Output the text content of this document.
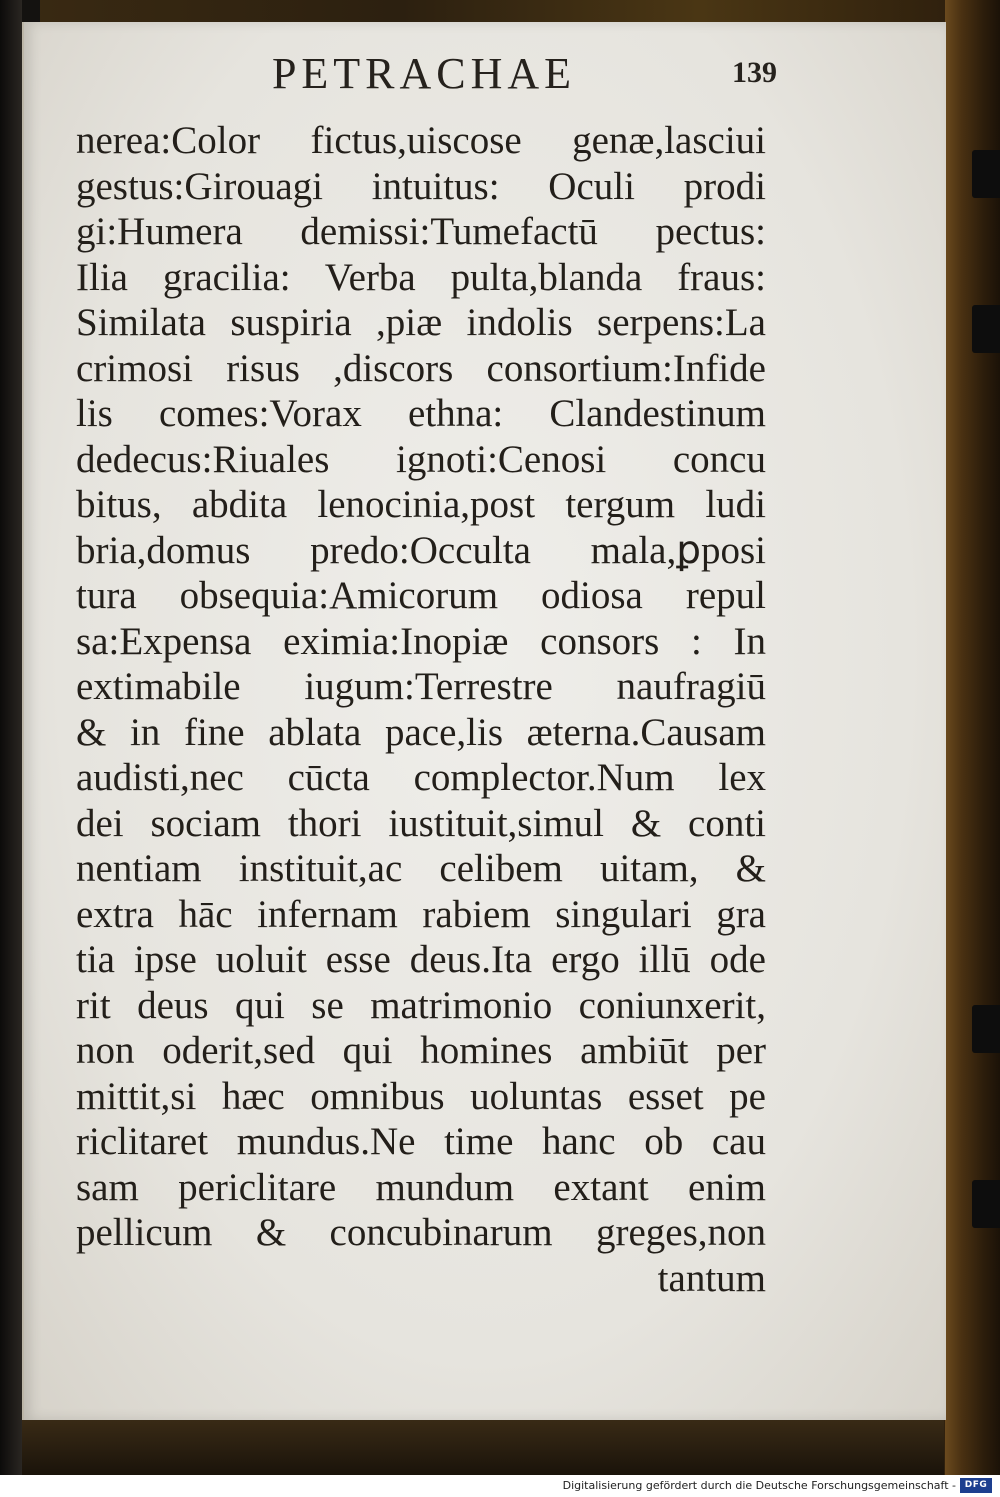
PETRACHAE	139
nerea:Color fictus,uiscose genæ,lasciui
gestus:Girouagi intuitus: Oculi prodi
gi:Humera demissi:Tumefactū pectus:
Ilia gracilia: Verba pulta,blanda fraus:
Similata suspiria ,piæ indolis serpens:La
crimosi risus ,discors consortium:Infide
lis comes:Vorax ethna: Clandestinum
dedecus:Riuales ignoti:Cenosi concu
bitus, abdita lenocinia,post tergum ludi
bria,domus predo:Occulta mala,ꝑposi
tura obsequia:Amicorum odiosa repul
sa:Expensa eximia:Inopiæ consors : In
extimabile iugum:Terrestre naufragiū
& in fine ablata pace,lis æterna.Causam
audisti,nec cūcta complector.Num lex
dei sociam thori iustituit,simul & conti
nentiam instituit,ac celibem uitam, &
extra hāc infernam rabiem singulari gra
tia ipse uoluit esse deus.Ita ergo illū ode
rit deus qui se matrimonio coniunxerit,
non oderit,sed qui homines ambiūt per
mittit,si hæc omnibus uoluntas esset pe
riclitaret mundus.Ne time hanc ob cau
sam periclitare mundum extant enim
pellicum & concubinarum greges,non
tantum
Digitalisierung gefördert durch die Deutsche Forschungsgemeinschaft - DFG
